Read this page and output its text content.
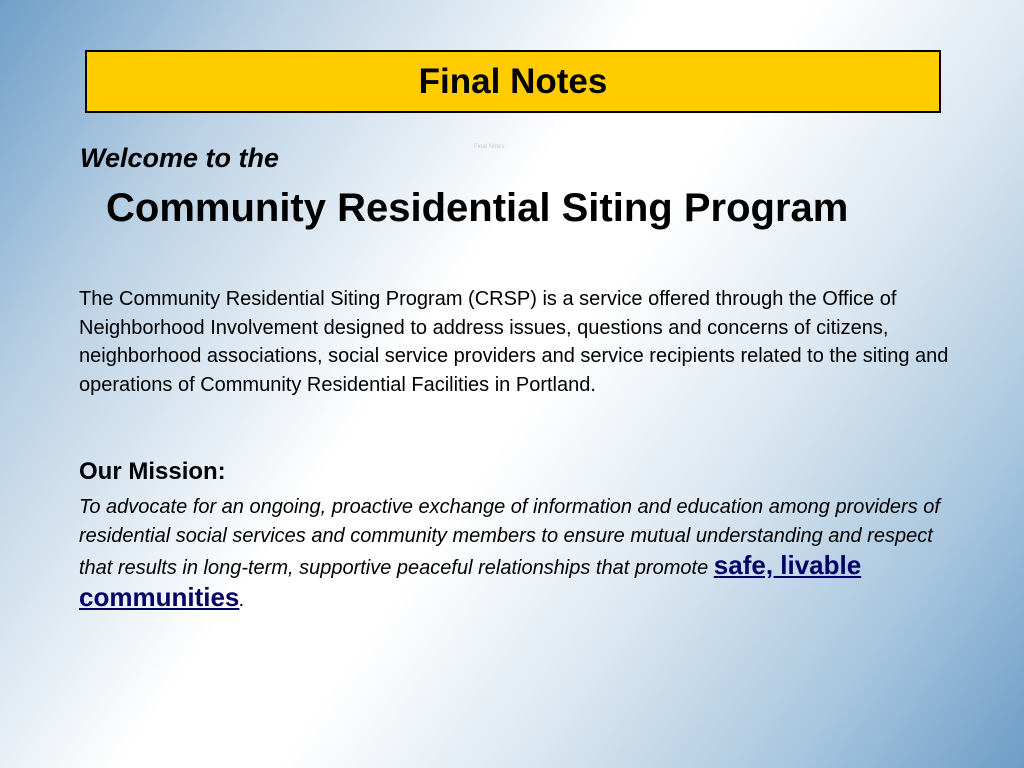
Final Notes
Final Notes
Welcome to the
Community Residential Siting Program
The Community Residential Siting Program (CRSP) is a service offered through the Office of Neighborhood Involvement designed to address issues, questions and concerns of citizens, neighborhood associations, social service providers and service recipients related to the siting and operations of Community Residential Facilities in Portland.
Our Mission:
To advocate for an ongoing, proactive exchange of information and education among providers of residential social services and community members to ensure mutual understanding and respect that results in long-term, supportive peaceful relationships that promote safe, livable communities.
